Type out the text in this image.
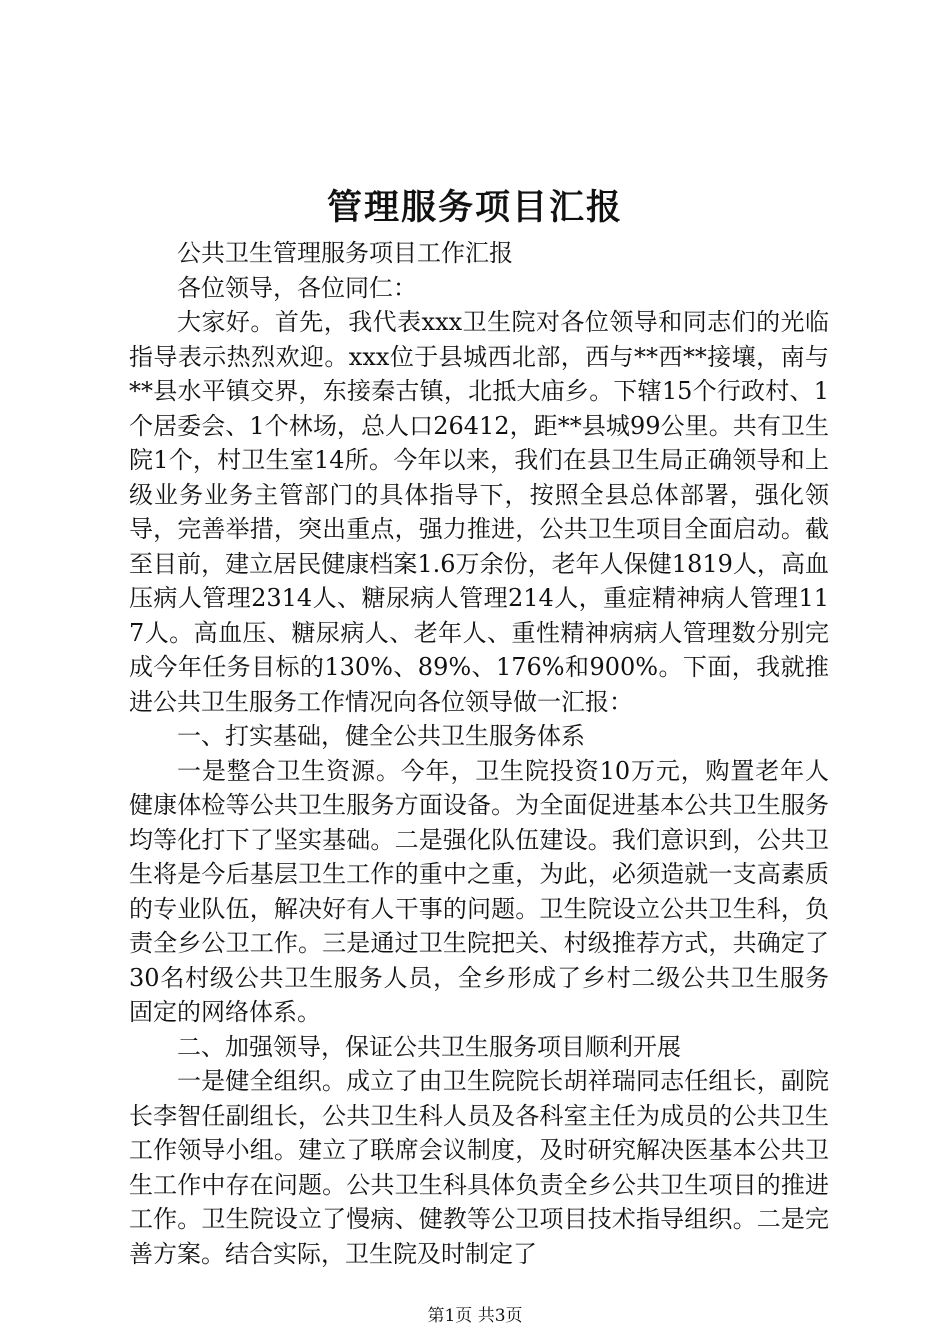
管理服务项目汇报

公共卫生管理服务项目工作汇报

各位领导，各位同仁：

大家好。首先，我代表xxx卫生院对各位领导和同志们的光临指导表示热烈欢迎。xxx位于县城西北部，西与**西**接壤，南与**县水平镇交界，东接秦古镇，北抵大庙乡。下辖15个行政村、1个居委会、1个林场，总人口26412，距**县城99公里。共有卫生院1个，村卫生室14所。今年以来，我们在县卫生局正确领导和上级业务业务主管部门的具体指导下，按照全县总体部署，强化领导，完善举措，突出重点，强力推进，公共卫生项目全面启动。截至目前，建立居民健康档案1.6万余份，老年人保健1819人，高血压病人管理2314人、糖尿病人管理214人，重症精神病人管理117人。高血压、糖尿病人、老年人、重性精神病病人管理数分别完成今年任务目标的130%、89%、176%和900%。下面，我就推进公共卫生服务工作情况向各位领导做一汇报：

一、打实基础，健全公共卫生服务体系

一是整合卫生资源。今年，卫生院投资10万元，购置老年人健康体检等公共卫生服务方面设备。为全面促进基本公共卫生服务均等化打下了坚实基础。二是强化队伍建设。我们意识到，公共卫生将是今后基层卫生工作的重中之重，为此，必须造就一支高素质的专业队伍，解决好有人干事的问题。卫生院设立公共卫生科，负责全乡公卫工作。三是通过卫生院把关、村级推荐方式，共确定了30名村级公共卫生服务人员，全乡形成了乡村二级公共卫生服务固定的网络体系。

二、加强领导，保证公共卫生服务项目顺利开展

一是健全组织。成立了由卫生院院长胡祥瑞同志任组长，副院长李智任副组长，公共卫生科人员及各科室主任为成员的公共卫生工作领导小组。建立了联席会议制度，及时研究解决医基本公共卫生工作中存在问题。公共卫生科具体负责全乡公共卫生项目的推进工作。卫生院设立了慢病、健教等公卫项目技术指导组织。二是完善方案。结合实际，卫生院及时制定了

第1页 共3页
